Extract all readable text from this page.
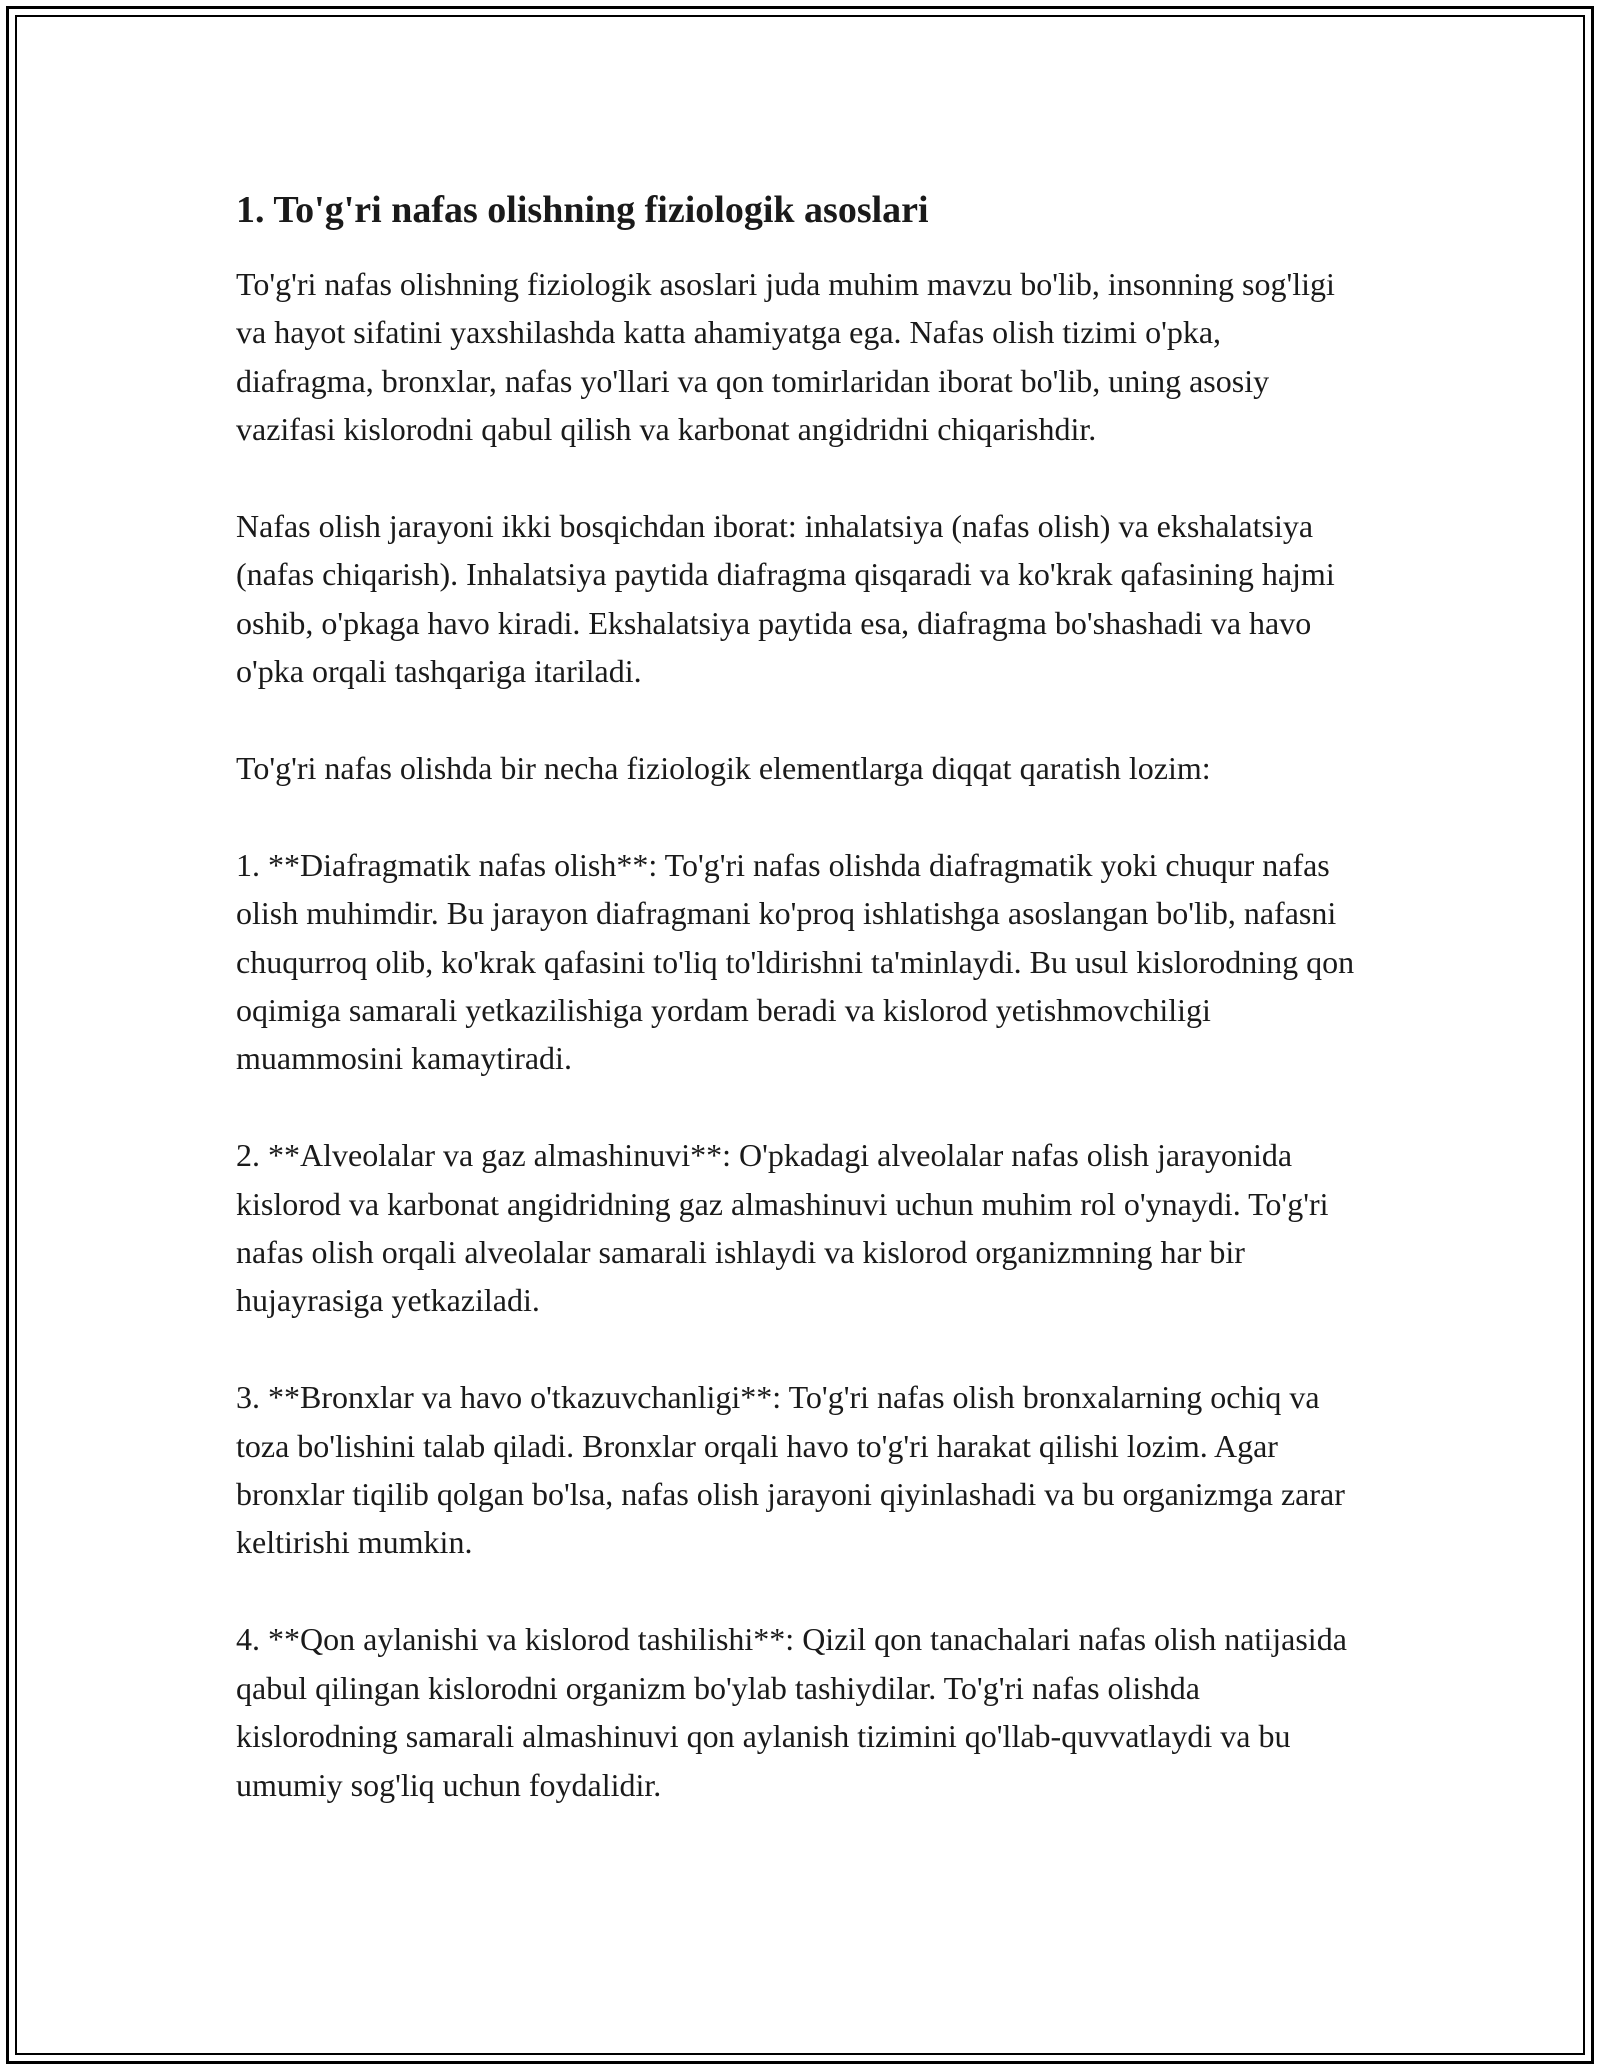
1. To'g'ri nafas olishning fiziologik asoslari

To'g'ri nafas olishning fiziologik asoslari juda muhim mavzu bo'lib, insonning sog'ligi va hayot sifatini yaxshilashda katta ahamiyatga ega. Nafas olish tizimi o'pka, diafragma, bronxlar, nafas yo'llari va qon tomirlaridan iborat bo'lib, uning asosiy vazifasi kislorodni qabul qilish va karbonat angidridni chiqarishdir.

Nafas olish jarayoni ikki bosqichdan iborat: inhalatsiya (nafas olish) va ekshalatsiya (nafas chiqarish). Inhalatsiya paytida diafragma qisqaradi va ko'krak qafasining hajmi oshib, o'pkaga havo kiradi. Ekshalatsiya paytida esa, diafragma bo'shashadi va havo o'pka orqali tashqariga itariladi.

To'g'ri nafas olishda bir necha fiziologik elementlarga diqqat qaratish lozim:

1. **Diafragmatik nafas olish**: To'g'ri nafas olishda diafragmatik yoki chuqur nafas olish muhimdir. Bu jarayon diafragmani ko'proq ishlatishga asoslangan bo'lib, nafasni chuqurroq olib, ko'krak qafasini to'liq to'ldirishni ta'minlaydi. Bu usul kislorodning qon oqimiga samarali yetkazilishiga yordam beradi va kislorod yetishmovchiligi muammosini kamaytiradi.

2. **Alveolalar va gaz almashinuvi**: O'pkadagi alveolalar nafas olish jarayonida kislorod va karbonat angidridning gaz almashinuvi uchun muhim rol o'ynaydi. To'g'ri nafas olish orqali alveolalar samarali ishlaydi va kislorod organizmning har bir hujayrasiga yetkaziladi.

3. **Bronxlar va havo o'tkazuvchanligi**: To'g'ri nafas olish bronxalarning ochiq va toza bo'lishini talab qiladi. Bronxlar orqali havo to'g'ri harakat qilishi lozim. Agar bronxlar tiqilib qolgan bo'lsa, nafas olish jarayoni qiyinlashadi va bu organizmga zarar keltirishi mumkin.

4. **Qon aylanishi va kislorod tashilishi**: Qizil qon tanachalari nafas olish natijasida qabul qilingan kislorodni organizm bo'ylab tashiydilar. To'g'ri nafas olishda kislorodning samarali almashinuvi qon aylanish tizimini qo'llab-quvvatlaydi va bu umumiy sog'liq uchun foydalidir.
